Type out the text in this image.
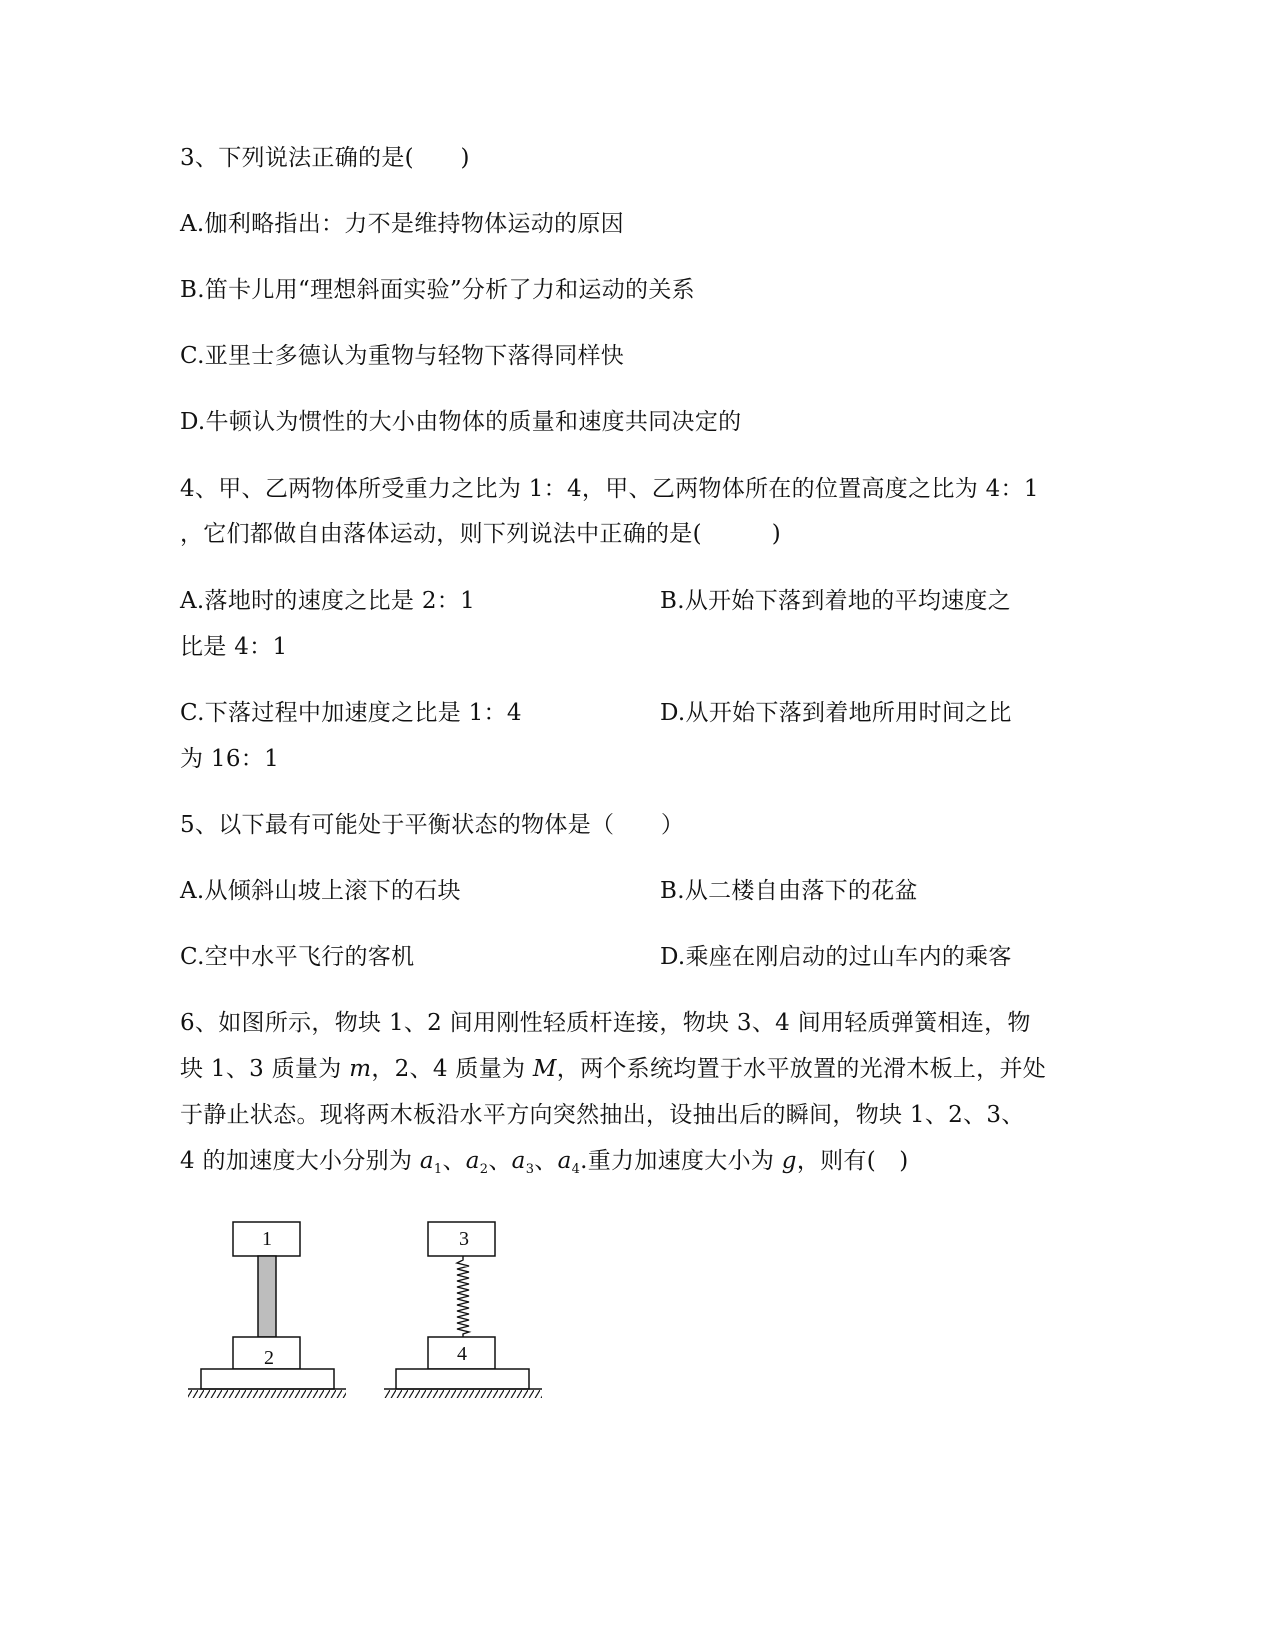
3、下列说法正确的是(　　)
A.伽利略指出：力不是维持物体运动的原因
B.笛卡儿用“理想斜面实验”分析了力和运动的关系
C.亚里士多德认为重物与轻物下落得同样快
D.牛顿认为惯性的大小由物体的质量和速度共同决定的
4、甲、乙两物体所受重力之比为 1：4，甲、乙两物体所在的位置高度之比为 4：1
，它们都做自由落体运动，则下列说法中正确的是(　　　)
A.落地时的速度之比是 2：1	B.从开始下落到着地的平均速度之
比是 4：1
C.下落过程中加速度之比是 1：4	D.从开始下落到着地所用时间之比
为 16：1
5、以下最有可能处于平衡状态的物体是（　　）
A.从倾斜山坡上滚下的石块	B.从二楼自由落下的花盆
C.空中水平飞行的客机	D.乘座在刚启动的过山车内的乘客
6、如图所示，物块 1、2 间用刚性轻质杆连接，物块 3、4 间用轻质弹簧相连，物
块 1、3 质量为 m，2、4 质量为 M，两个系统均置于水平放置的光滑木板上，并处
于静止状态。现将两木板沿水平方向突然抽出，设抽出后的瞬间，物块 1、2、3、
4 的加速度大小分别为 $a_1$、$a_2$、$a_3$、$a_4$.重力加速度大小为 g，则有(　)
1
2
3
4
